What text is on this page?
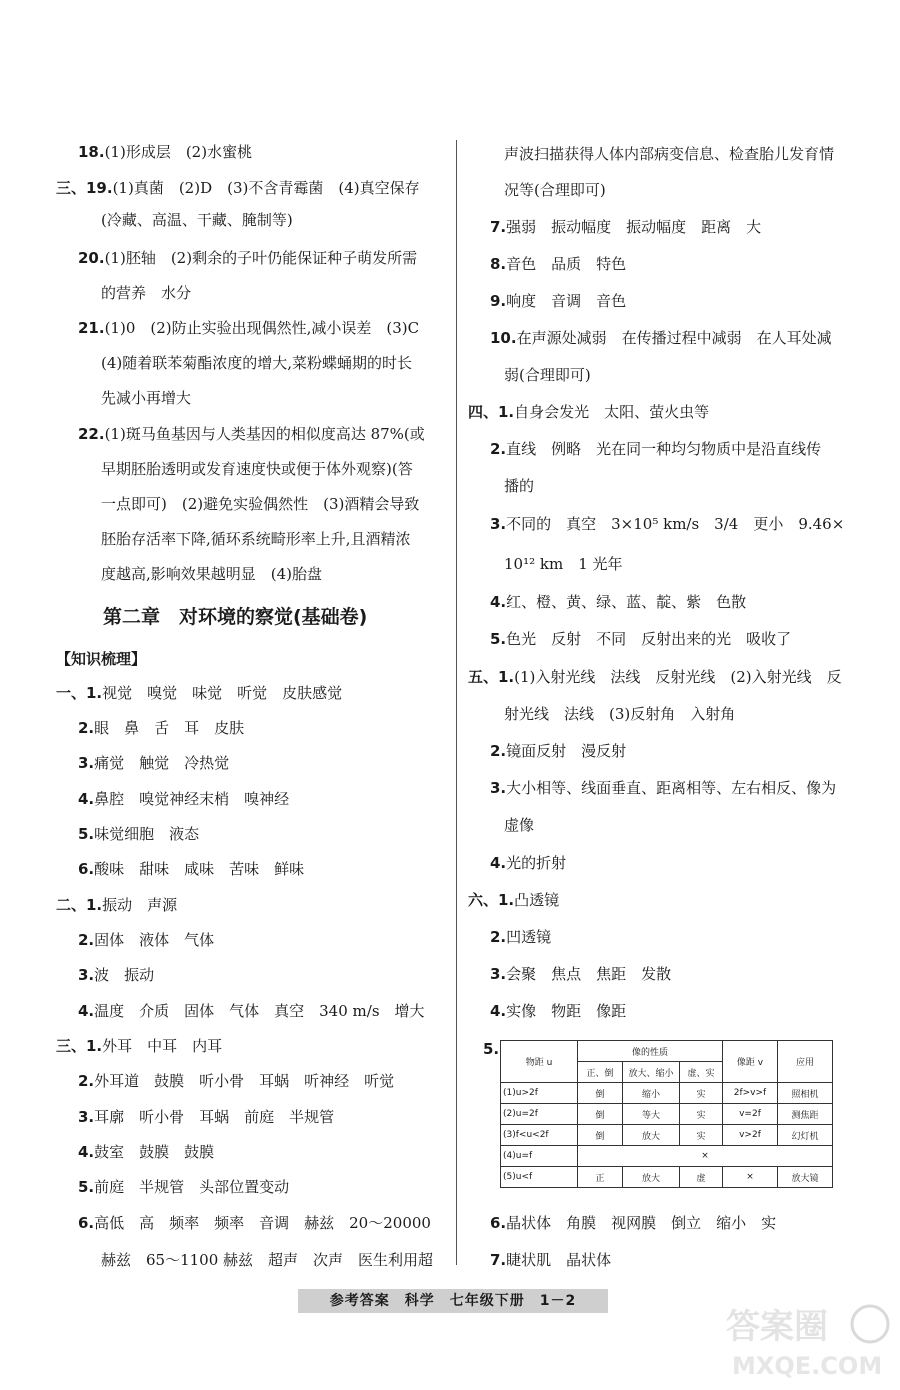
18.(1)形成层　(2)水蜜桃
三、19.(1)真菌　(2)D　(3)不含青霉菌　(4)真空保存
(冷藏、高温、干藏、腌制等)
20.(1)胚轴　(2)剩余的子叶仍能保证种子萌发所需
的营养　水分
21.(1)0　(2)防止实验出现偶然性,减小误差　(3)C
(4)随着联苯菊酯浓度的增大,菜粉蝶蛹期的时长
先减小再增大
22.(1)斑马鱼基因与人类基因的相似度高达 87%(或
早期胚胎透明或发育速度快或便于体外观察)(答
一点即可)　(2)避免实验偶然性　(3)酒精会导致
胚胎存活率下降,循环系统畸形率上升,且酒精浓
度越高,影响效果越明显　(4)胎盘
第二章　对环境的察觉(基础卷)
【知识梳理】
一、1.视觉　嗅觉　味觉　听觉　皮肤感觉
2.眼　鼻　舌　耳　皮肤
3.痛觉　触觉　冷热觉
4.鼻腔　嗅觉神经末梢　嗅神经
5.味觉细胞　液态
6.酸味　甜味　咸味　苦味　鲜味
二、1.振动　声源
2.固体　液体　气体
3.波　振动
4.温度　介质　固体　气体　真空　340 m/s　增大
三、1.外耳　中耳　内耳
2.外耳道　鼓膜　听小骨　耳蜗　听神经　听觉
3.耳廓　听小骨　耳蜗　前庭　半规管
4.鼓室　鼓膜　鼓膜
5.前庭　半规管　头部位置变动
6.高低　高　频率　频率　音调　赫兹　20～20000
赫兹　65～1100 赫兹　超声　次声　医生利用超
声波扫描获得人体内部病变信息、检查胎儿发育情
况等(合理即可)
7.强弱　振动幅度　振动幅度　距离　大
8.音色　品质　特色
9.响度　音调　音色
10.在声源处减弱　在传播过程中减弱　在人耳处减
弱(合理即可)
四、1.自身会发光　太阳、萤火虫等
2.直线　例略　光在同一种均匀物质中是沿直线传
播的
3.不同的　真空　3×10⁵ km/s　3/4　更小　9.46×
10¹² km　1 光年
4.红、橙、黄、绿、蓝、靛、紫　色散
5.色光　反射　不同　反射出来的光　吸收了
五、1.(1)入射光线　法线　反射光线　(2)入射光线　反
射光线　法线　(3)反射角　入射角
2.镜面反射　漫反射
3.大小相等、线面垂直、距离相等、左右相反、像为
虚像
4.光的折射
六、1.凸透镜
2.凹透镜
3.会聚　焦点　焦距　发散
4.实像　物距　像距
5.
物距 u	像的性质			像距 v	应用
	正、倒	放大、缩小	虚、实		
(1)u>2f	倒	缩小	实	2f>v>f	照相机
(2)u=2f	倒	等大	实	v=2f	测焦距
(3)f<u<2f	倒	放大	实	v>2f	幻灯机
(4)u=f	×				
(5)u<f	正	放大	虚	×	放大镜
6.晶状体　角膜　视网膜　倒立　缩小　实
7.睫状肌　晶状体
参考答案　科学　七年级下册　1－2
答案圈
MXQE.COM
